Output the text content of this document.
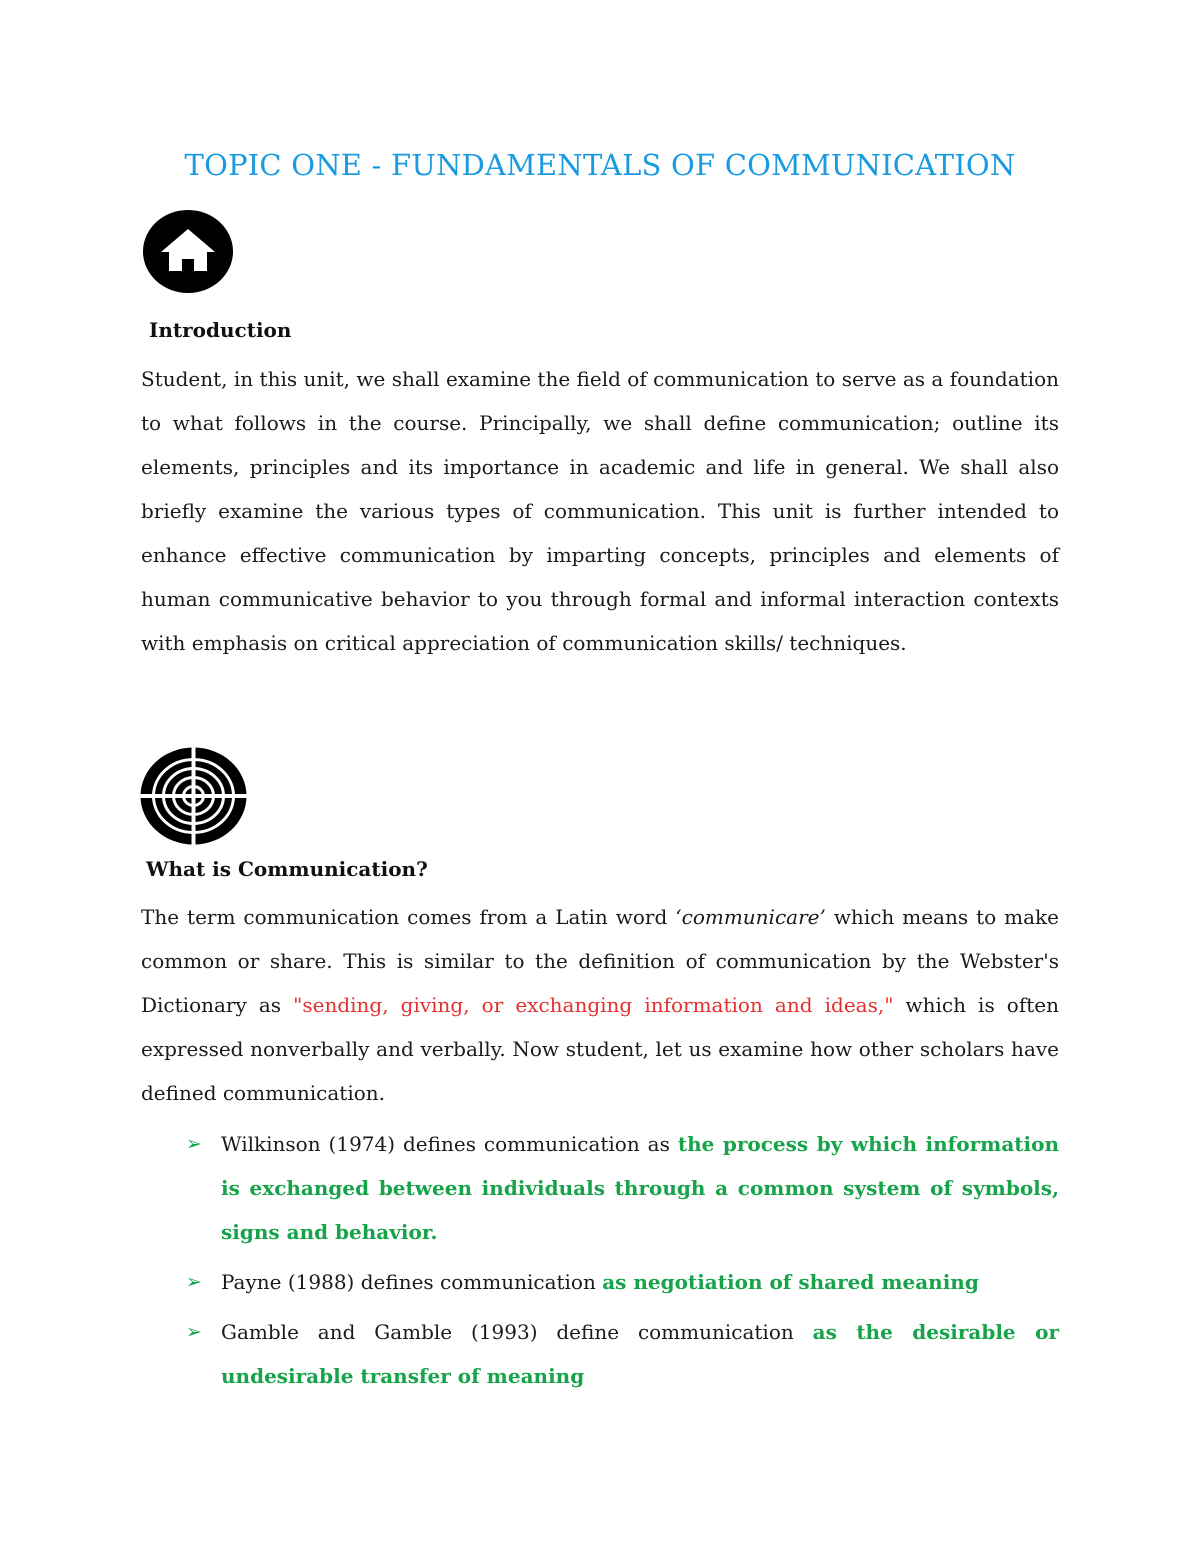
TOPIC ONE - FUNDAMENTALS OF COMMUNICATION
Introduction

Student, in this unit, we shall examine the field of communication to serve as a foundation to what follows in the course. Principally, we shall define communication; outline its elements, principles and its importance in academic and life in general. We shall also briefly examine the various types of communication. This unit is further intended to enhance effective communication by imparting concepts, principles and elements of human communicative behavior to you through formal and informal interaction contexts with emphasis on critical appreciation of communication skills/ techniques.

What is Communication?

The term communication comes from a Latin word ‘communicare’ which means to make common or share. This is similar to the definition of communication by the Webster's Dictionary as "sending, giving, or exchanging information and ideas," which is often expressed nonverbally and verbally. Now student, let us examine how other scholars have defined communication.

➢ Wilkinson (1974) defines communication as the process by which information is exchanged between individuals through a common system of symbols, signs and behavior.
➢ Payne (1988) defines communication as negotiation of shared meaning
➢ Gamble and Gamble (1993) define communication as the desirable or undesirable transfer of meaning
